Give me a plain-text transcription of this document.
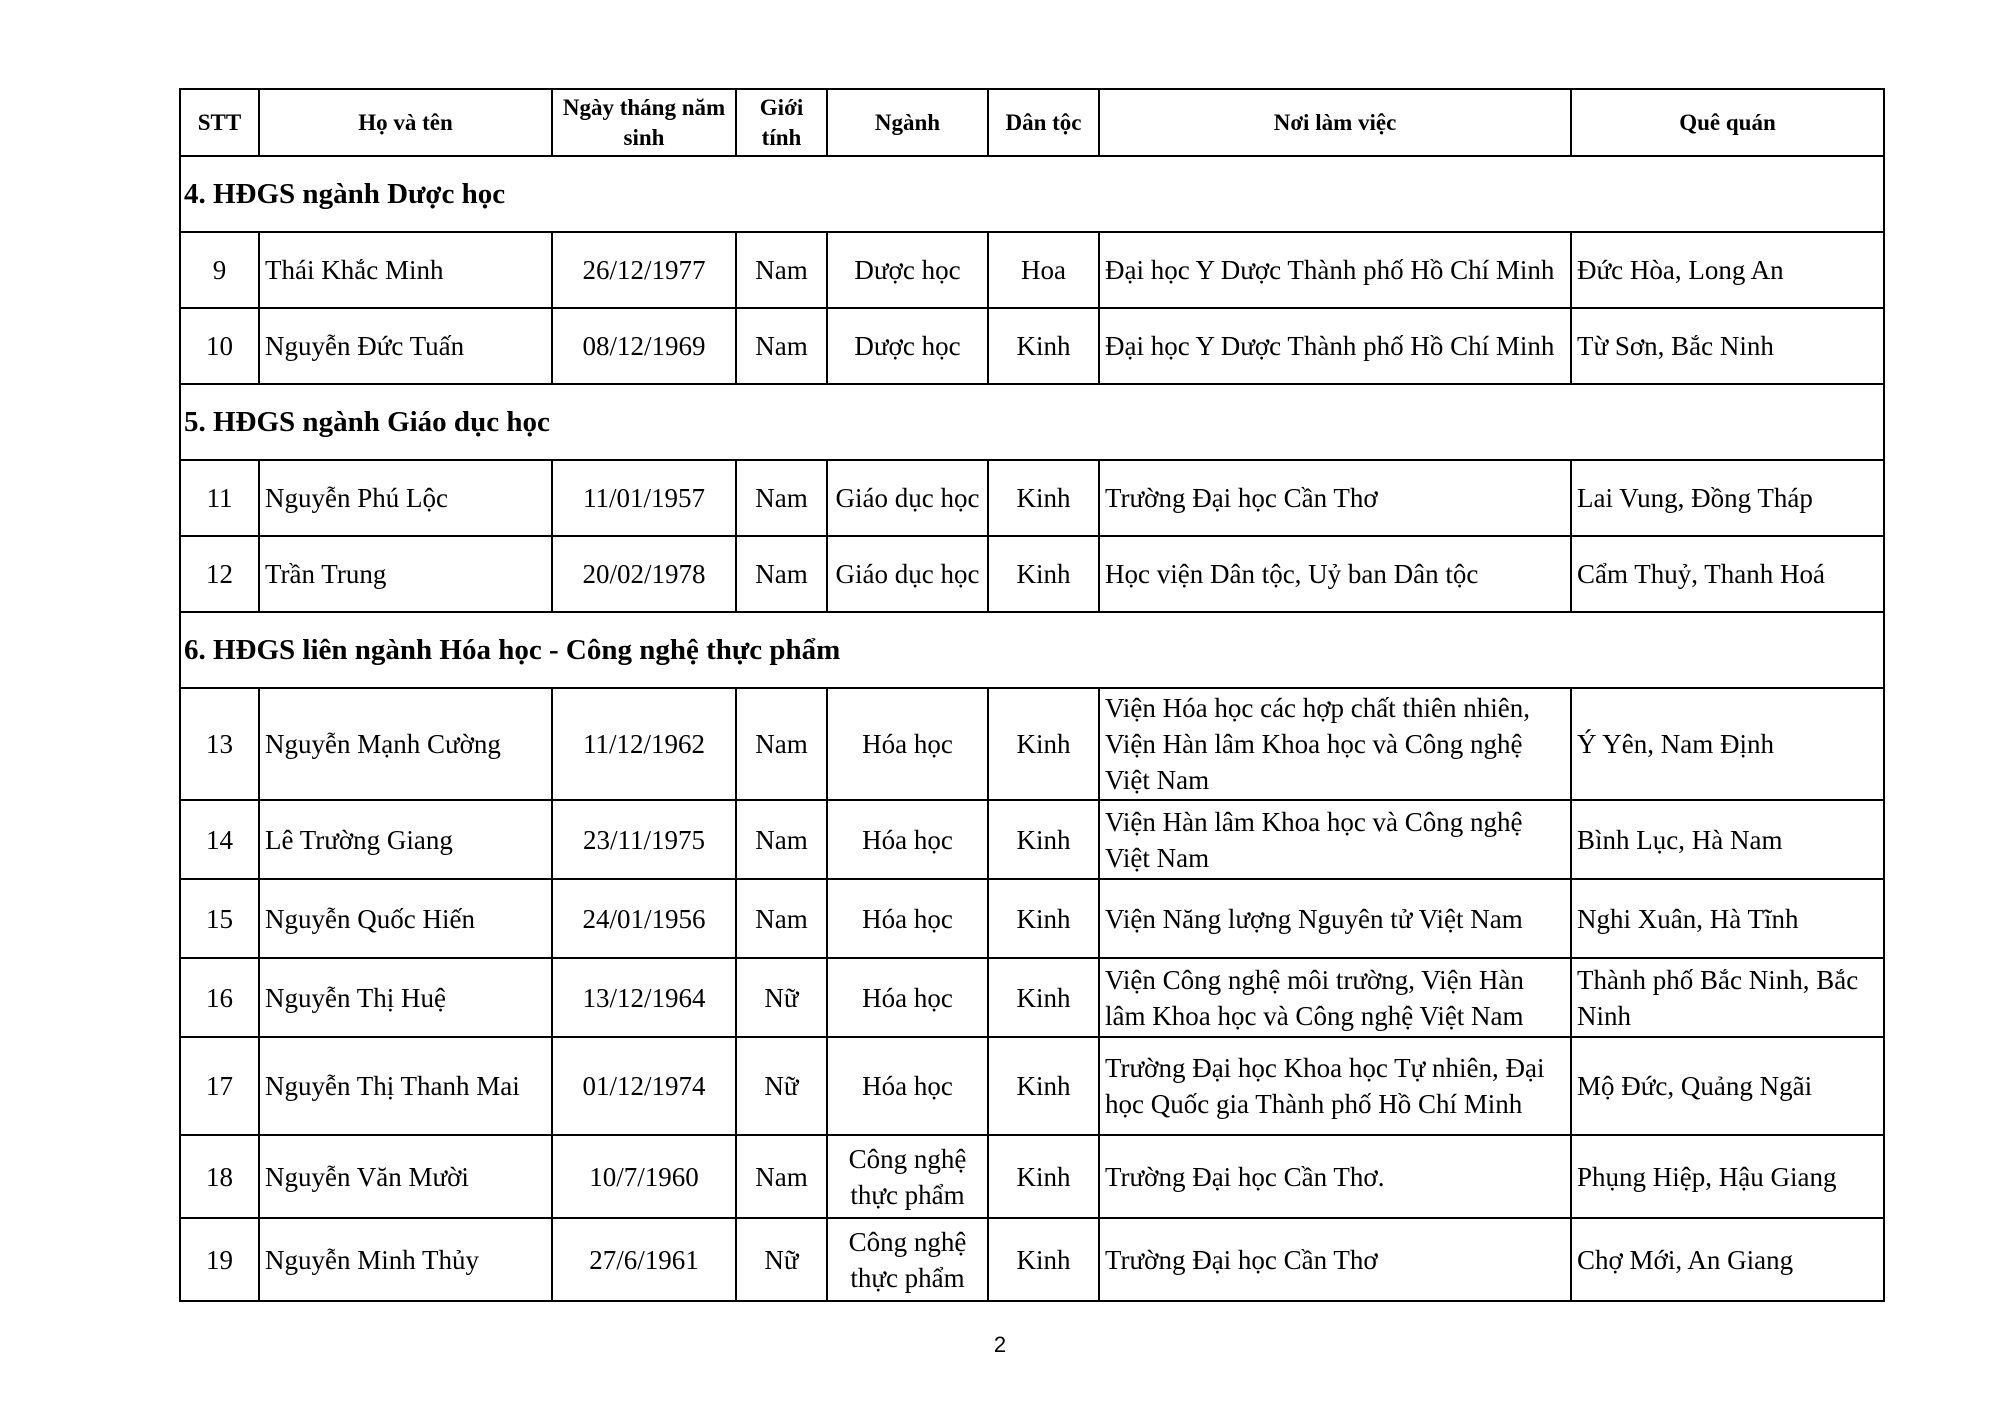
STT	Họ và tên	Ngày tháng năm sinh	Giới tính	Ngành	Dân tộc	Nơi làm việc	Quê quán
4. HĐGS ngành Dược học							
9	Thái Khắc Minh	26/12/1977	Nam	Dược học	Hoa	Đại học Y Dược Thành phố Hồ Chí Minh	Đức Hòa, Long An
10	Nguyễn Đức Tuấn	08/12/1969	Nam	Dược học	Kinh	Đại học Y Dược Thành phố Hồ Chí Minh	Từ Sơn, Bắc Ninh
5. HĐGS ngành Giáo dục học							
11	Nguyễn Phú Lộc	11/01/1957	Nam	Giáo dục học	Kinh	Trường Đại học Cần Thơ	Lai Vung, Đồng Tháp
12	Trần Trung	20/02/1978	Nam	Giáo dục học	Kinh	Học viện Dân tộc, Uỷ ban Dân tộc	Cẩm Thuỷ, Thanh Hoá
6. HĐGS liên ngành Hóa học - Công nghệ thực phẩm							
13	Nguyễn Mạnh Cường	11/12/1962	Nam	Hóa học	Kinh	Viện Hóa học các hợp chất thiên nhiên, Viện Hàn lâm Khoa học và Công nghệ Việt Nam	Ý Yên, Nam Định
14	Lê Trường Giang	23/11/1975	Nam	Hóa học	Kinh	Viện Hàn lâm Khoa học và Công nghệ Việt Nam	Bình Lục, Hà Nam
15	Nguyễn Quốc Hiến	24/01/1956	Nam	Hóa học	Kinh	Viện Năng lượng Nguyên tử Việt Nam	Nghi Xuân, Hà Tĩnh
16	Nguyễn Thị Huệ	13/12/1964	Nữ	Hóa học	Kinh	Viện Công nghệ môi trường, Viện Hàn lâm Khoa học và Công nghệ Việt Nam	Thành phố Bắc Ninh, Bắc Ninh
17	Nguyễn Thị Thanh Mai	01/12/1974	Nữ	Hóa học	Kinh	Trường Đại học Khoa học Tự nhiên, Đại học Quốc gia Thành phố Hồ Chí Minh	Mộ Đức, Quảng Ngãi
18	Nguyễn Văn Mười	10/7/1960	Nam	Công nghệ thực phẩm	Kinh	Trường Đại học Cần Thơ.	Phụng Hiệp, Hậu Giang
19	Nguyễn Minh Thủy	27/6/1961	Nữ	Công nghệ thực phẩm	Kinh	Trường Đại học Cần Thơ	Chợ Mới, An Giang
2
